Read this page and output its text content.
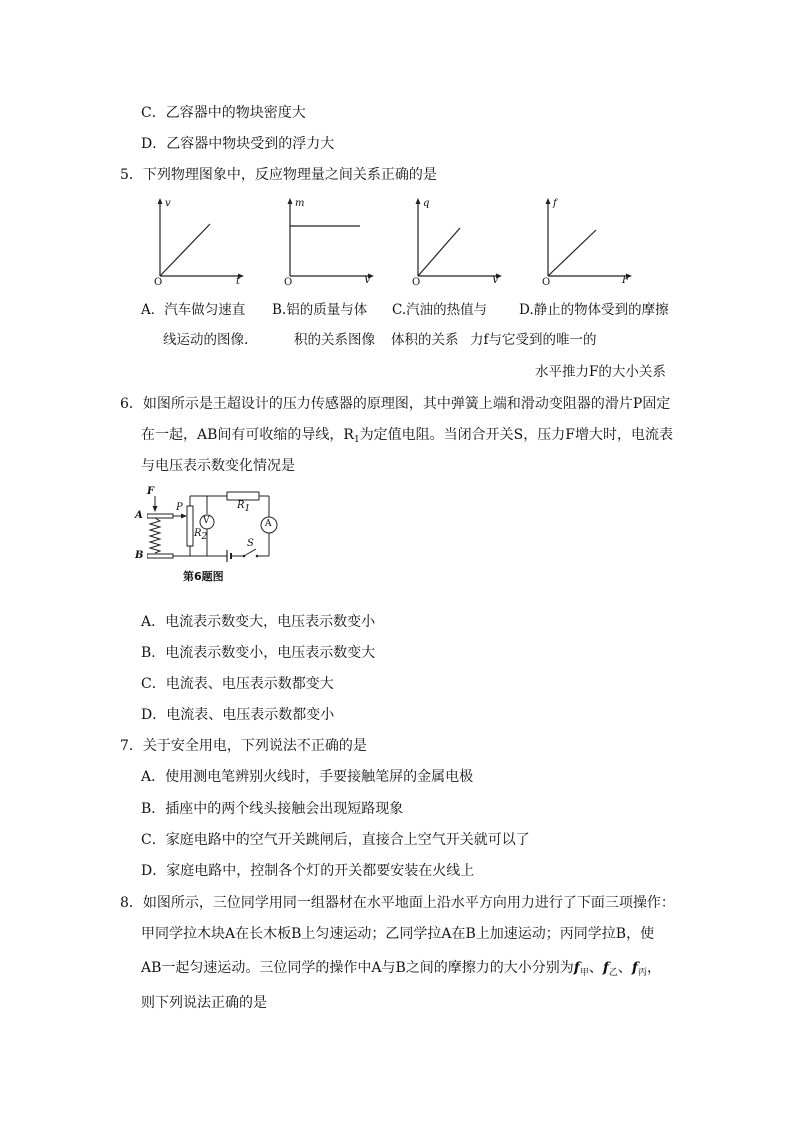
C．乙容器中的物块密度大
D．乙容器中物块受到的浮力大
5．下列物理图象中，反应物理量之间关系正确的是
v
t
O
m
V
O
q
V
O
f
F
O
A．汽车做匀速直
线运动的图像.
B.铝的质量与体
积的关系图像
C.汽油的热值与
体积的关系
D.静止的物体受到的摩擦
力f与它受到的唯一的
水平推力F的大小关系
6．如图所示是王超设计的压力传感器的原理图，其中弹簧上端和滑动变阻器的滑片P固定
在一起，AB间有可收缩的导线，$R_1$为定值电阻。当闭合开关S，压力F增大时，电流表
与电压表示数变化情况是
F
A
B
P
R2
R1
V	A
S
第6题图
A．电流表示数变大，电压表示数变小
B．电流表示数变小，电压表示数变大
C．电流表、电压表示数都变大
D．电流表、电压表示数都变小
7．关于安全用电，下列说法不正确的是
A．使用测电笔辨别火线时，手要接触笔屏的金属电极
B．插座中的两个线头接触会出现短路现象
C．家庭电路中的空气开关跳闸后，直接合上空气开关就可以了
D．家庭电路中，控制各个灯的开关都要安装在火线上
8．如图所示，三位同学用同一组器材在水平地面上沿水平方向用力进行了下面三项操作：
甲同学拉木块A在长木板B上匀速运动；乙同学拉A在B上加速运动；丙同学拉B，使
AB一起匀速运动。三位同学的操作中A与B之间的摩擦力的大小分别为$f_甲$、$f_乙$、$f_丙$，
则下列说法正确的是
